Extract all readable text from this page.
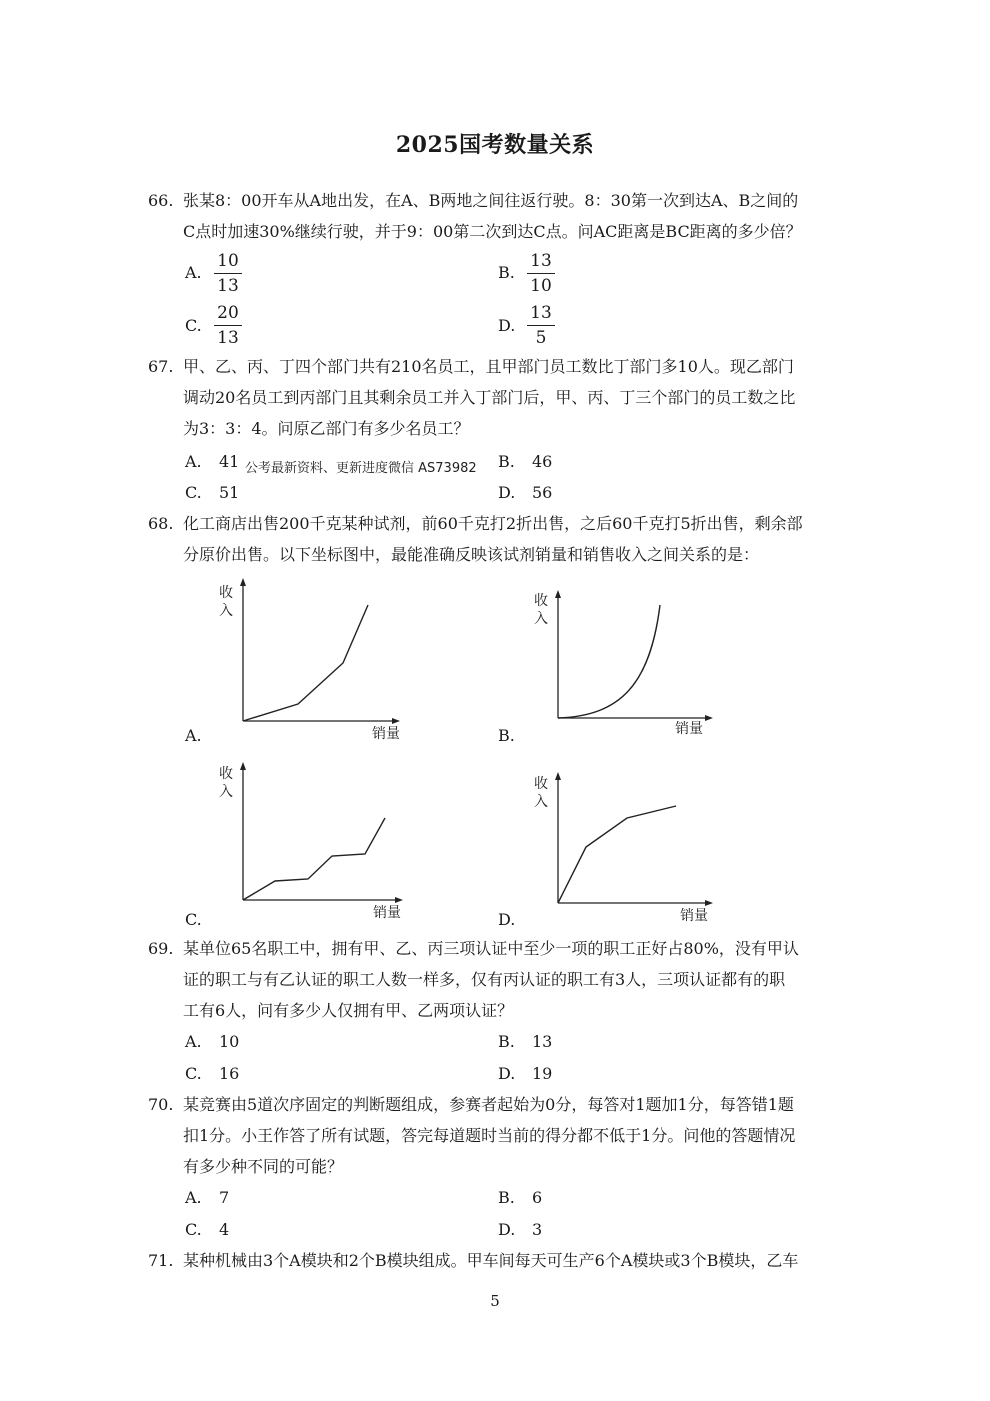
2025国考数量关系
66. 张某8：00开车从A地出发，在A、B两地之间往返行驶。8：30第一次到达A、B之间的
C点时加速30%继续行驶，并于9：00第二次到达C点。问AC距离是BC距离的多少倍？
A.
10
13
B.
13
10
C.
20
13
D.
13
5
67. 甲、乙、丙、丁四个部门共有210名员工，且甲部门员工数比丁部门多10人。现乙部门
调动20名员工到丙部门且其剩余员工并入丁部门后，甲、丙、丁三个部门的员工数之比
为3：3：4。问原乙部门有多少名员工？
A. 41	B. 46
C. 51	D. 56
公考最新资料、更新进度微信 AS73982
68. 化工商店出售200千克某种试剂，前60千克打2折出售，之后60千克打5折出售，剩余部
分原价出售。以下坐标图中，最能准确反映该试剂销量和销售收入之间关系的是：
收
入
销量
A.
收
入
销量
B.
收
入
销量
C.
收
入
销量
D.
69. 某单位65名职工中，拥有甲、乙、丙三项认证中至少一项的职工正好占80%，没有甲认
证的职工与有乙认证的职工人数一样多，仅有丙认证的职工有3人，三项认证都有的职
工有6人，问有多少人仅拥有甲、乙两项认证？
A. 10	B. 13
C. 16	D. 19
70. 某竞赛由5道次序固定的判断题组成，参赛者起始为0分，每答对1题加1分，每答错1题
扣1分。小王作答了所有试题，答完每道题时当前的得分都不低于1分。问他的答题情况
有多少种不同的可能？
A. 7	B. 6
C. 4	D. 3
71. 某种机械由3个A模块和2个B模块组成。甲车间每天可生产6个A模块或3个B模块，乙车
5
